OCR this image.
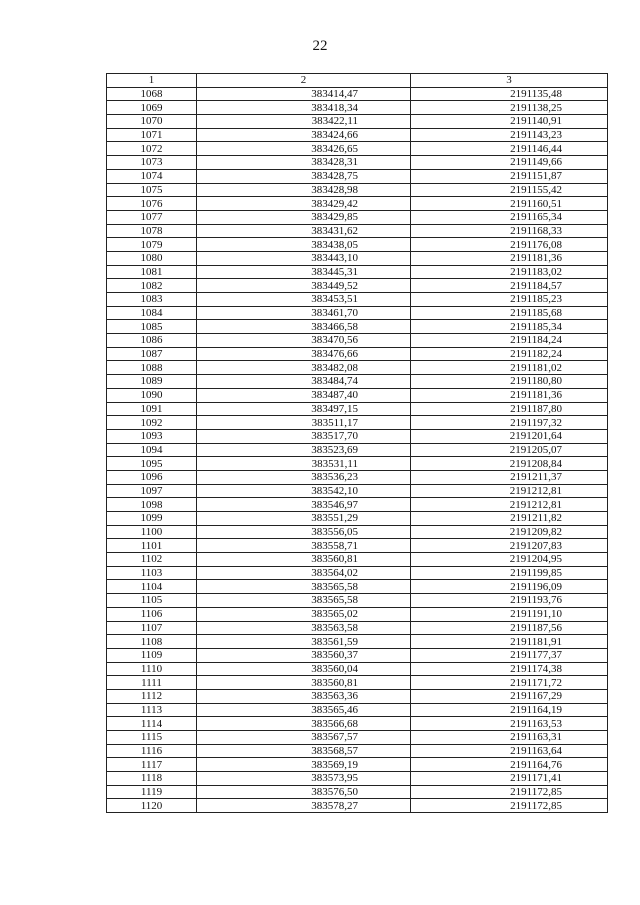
22
1	2	3
1068	383414,47	2191135,48
1069	383418,34	2191138,25
1070	383422,11	2191140,91
1071	383424,66	2191143,23
1072	383426,65	2191146,44
1073	383428,31	2191149,66
1074	383428,75	2191151,87
1075	383428,98	2191155,42
1076	383429,42	2191160,51
1077	383429,85	2191165,34
1078	383431,62	2191168,33
1079	383438,05	2191176,08
1080	383443,10	2191181,36
1081	383445,31	2191183,02
1082	383449,52	2191184,57
1083	383453,51	2191185,23
1084	383461,70	2191185,68
1085	383466,58	2191185,34
1086	383470,56	2191184,24
1087	383476,66	2191182,24
1088	383482,08	2191181,02
1089	383484,74	2191180,80
1090	383487,40	2191181,36
1091	383497,15	2191187,80
1092	383511,17	2191197,32
1093	383517,70	2191201,64
1094	383523,69	2191205,07
1095	383531,11	2191208,84
1096	383536,23	2191211,37
1097	383542,10	2191212,81
1098	383546,97	2191212,81
1099	383551,29	2191211,82
1100	383556,05	2191209,82
1101	383558,71	2191207,83
1102	383560,81	2191204,95
1103	383564,02	2191199,85
1104	383565,58	2191196,09
1105	383565,58	2191193,76
1106	383565,02	2191191,10
1107	383563,58	2191187,56
1108	383561,59	2191181,91
1109	383560,37	2191177,37
1110	383560,04	2191174,38
1111	383560,81	2191171,72
1112	383563,36	2191167,29
1113	383565,46	2191164,19
1114	383566,68	2191163,53
1115	383567,57	2191163,31
1116	383568,57	2191163,64
1117	383569,19	2191164,76
1118	383573,95	2191171,41
1119	383576,50	2191172,85
1120	383578,27	2191172,85
